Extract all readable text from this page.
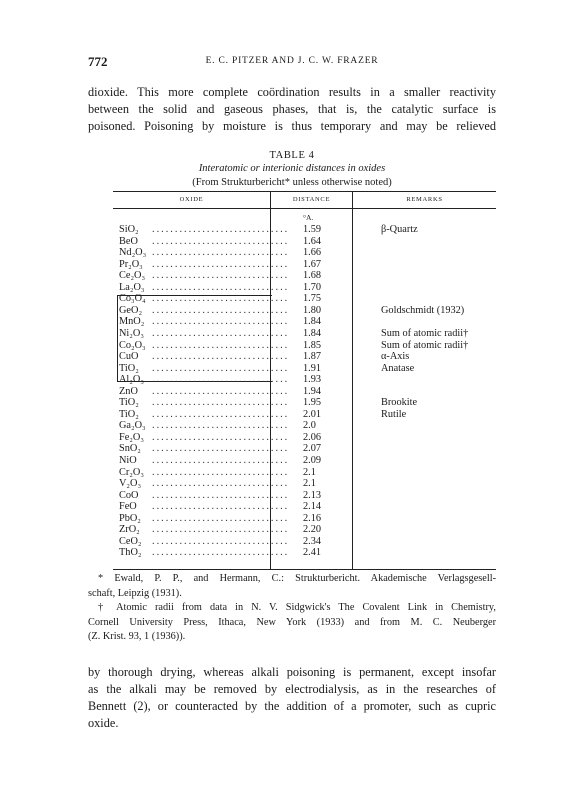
772	E. C. PITZER AND J. C. W. FRAZER
dioxide. This more complete coördination results in a smaller reactivity
between the solid and gaseous phases, that is, the catalytic surface is
poisoned. Poisoning by moisture is thus temporary and may be relieved
TABLE 4
Interatomic or interionic distances in oxides
(From Strukturbericht* unless otherwise noted)
OXIDE	DISTANCE	REMARKS
°A.
SiO₂ .............................. 1.59	β-Quartz
BeO .............................. 1.64
Nd₂O₃ .............................. 1.66
Pr₂O₃ .............................. 1.67
Ce₂O₃ .............................. 1.68
La₂O₃ .............................. 1.70
Co₃O₄ .............................. 1.75
GeO₂ .............................. 1.80	Goldschmidt (1932)
MnO₂ .............................. 1.84
Ni₂O₃ .............................. 1.84	Sum of atomic radii†
Co₂O₃ .............................. 1.85	Sum of atomic radii†
CuO .............................. 1.87	α-Axis
TiO₂ .............................. 1.91	Anatase
Al₂O₃ .............................. 1.93
ZnO .............................. 1.94
TiO₂ .............................. 1.95	Brookite
TiO₂ .............................. 2.01	Rutile
Ga₂O₃ .............................. 2.0
Fe₂O₃ .............................. 2.06
SnO₂ .............................. 2.07
NiO .............................. 2.09
Cr₂O₃ .............................. 2.1
V₂O₃ .............................. 2.1
CoO .............................. 2.13
FeO .............................. 2.14
PbO₂ .............................. 2.16
ZrO₂ .............................. 2.20
CeO₂ .............................. 2.34
ThO₂ .............................. 2.41
* Ewald, P. P., and Hermann, C.: Strukturbericht. Akademische Verlagsgesell-
schaft, Leipzig (1931).
† Atomic radii from data in N. V. Sidgwick's The Covalent Link in Chemistry,
Cornell University Press, Ithaca, New York (1933) and from M. C. Neuberger
(Z. Krist. 93, 1 (1936)).
by thorough drying, whereas alkali poisoning is permanent, except insofar
as the alkali may be removed by electrodialysis, as in the researches of
Bennett (2), or counteracted by the addition of a promoter, such as cupric
oxide.
